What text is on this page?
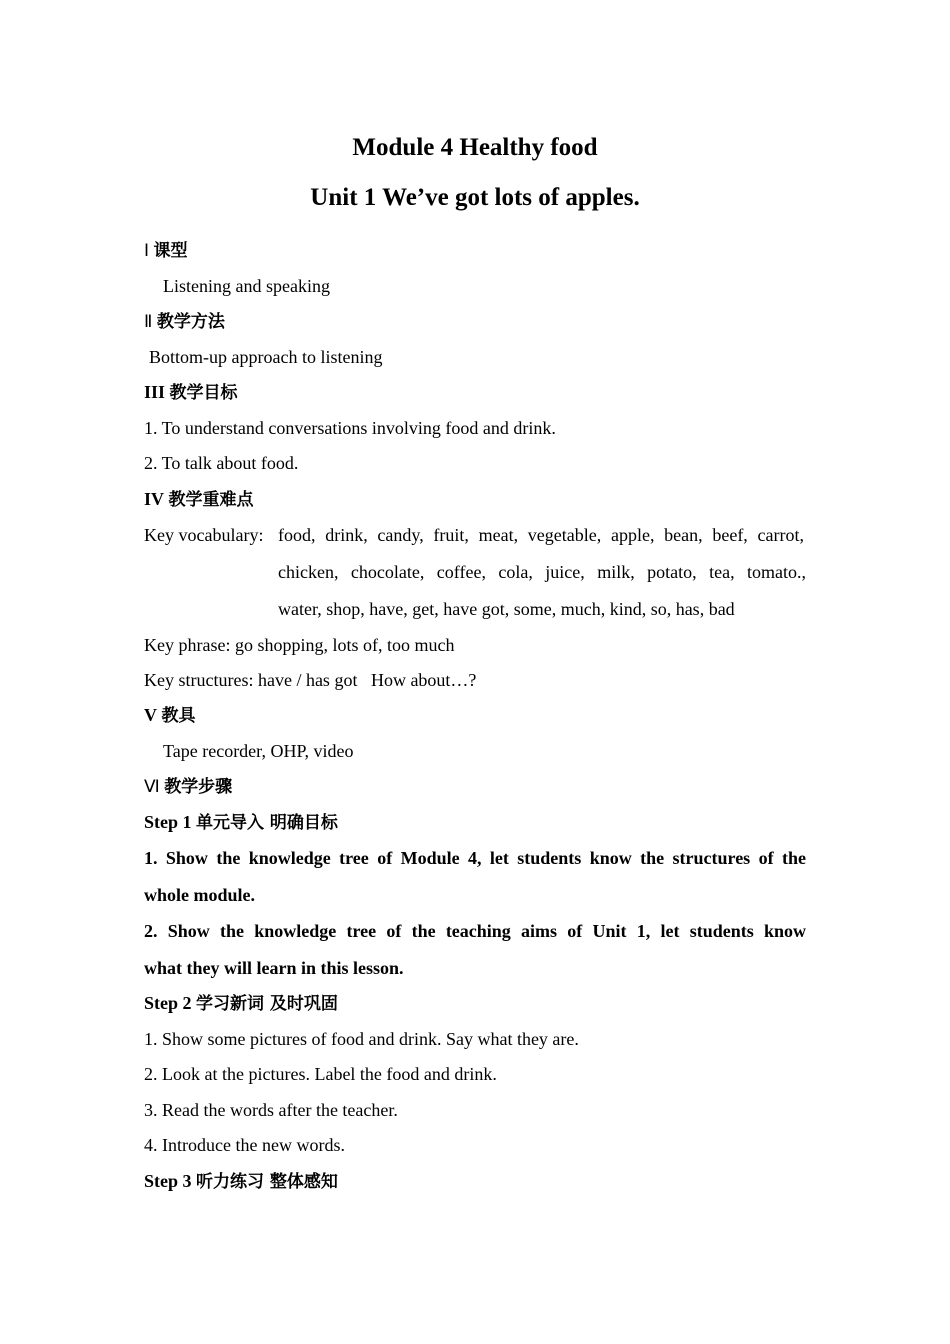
Module 4 Healthy food
Unit 1 We’ve got lots of apples.
Ⅰ 课型
Listening and speaking
Ⅱ 教学方法
Bottom-up approach to listening
III 教学目标
1. To understand conversations involving food and drink.
2. To talk about food.
IV 教学重难点
Key vocabulary: food, drink, candy, fruit, meat, vegetable, apple, bean, beef, carrot,
chicken, chocolate, coffee, cola, juice, milk, potato, tea, tomato.,
water, shop, have, get, have got, some, much, kind, so, has, bad
Key phrase: go shopping, lots of, too much
Key structures: have / has got   How about…?
V 教具
Tape recorder, OHP, video
Ⅵ 教学步骤
Step 1 单元导入 明确目标
1. Show the knowledge tree of Module 4, let students know the structures of the
whole module.
2. Show the knowledge tree of the teaching aims of Unit 1, let students know
what they will learn in this lesson.
Step 2 学习新词 及时巩固
1. Show some pictures of food and drink. Say what they are.
2. Look at the pictures. Label the food and drink.
3. Read the words after the teacher.
4. Introduce the new words.
Step 3 听力练习 整体感知
